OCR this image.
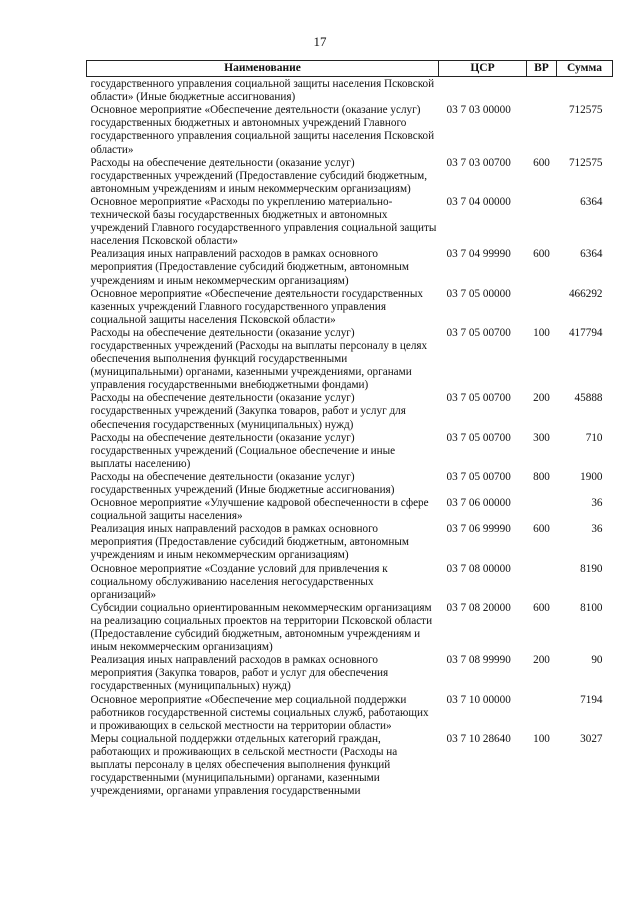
17
Наименование	ЦСР	ВР	Сумма
государственного управления социальной защиты населения Псковской области» (Иные бюджетные ассигнования)			
Основное мероприятие «Обеспечение деятельности (оказание услуг) государственных бюджетных и автономных учреждений Главного государственного управления социальной защиты населения Псковской области»	03 7 03 00000		712575
Расходы на обеспечение деятельности (оказание услуг) государственных учреждений (Предоставление субсидий бюджетным, автономным учреждениям и иным некоммерческим организациям)	03 7 03 00700	600	712575
Основное мероприятие «Расходы по укреплению материально-технической базы государственных бюджетных и автономных учреждений Главного государственного управления социальной защиты населения Псковской области»	03 7 04 00000		6364
Реализация иных направлений расходов в рамках основного мероприятия (Предоставление субсидий бюджетным, автономным учреждениям и иным некоммерческим организациям)	03 7 04 99990	600	6364
Основное мероприятие «Обеспечение деятельности государственных казенных учреждений Главного государственного управления социальной защиты населения Псковской области»	03 7 05 00000		466292
Расходы на обеспечение деятельности (оказание услуг) государственных учреждений (Расходы на выплаты персоналу в целях обеспечения выполнения функций государственными (муниципальными) органами, казенными учреждениями, органами управления государственными внебюджетными фондами)	03 7 05 00700	100	417794
Расходы на обеспечение деятельности (оказание услуг) государственных учреждений (Закупка товаров, работ и услуг для обеспечения государственных (муниципальных) нужд)	03 7 05 00700	200	45888
Расходы на обеспечение деятельности (оказание услуг) государственных учреждений (Социальное обеспечение и иные выплаты населению)	03 7 05 00700	300	710
Расходы на обеспечение деятельности (оказание услуг) государственных учреждений (Иные бюджетные ассигнования)	03 7 05 00700	800	1900
Основное мероприятие «Улучшение кадровой обеспеченности в сфере социальной защиты населения»	03 7 06 00000		36
Реализация иных направлений расходов в рамках основного мероприятия (Предоставление субсидий бюджетным, автономным учреждениям и иным некоммерческим организациям)	03 7 06 99990	600	36
Основное мероприятие «Создание условий для привлечения к социальному обслуживанию населения негосударственных организаций»	03 7 08 00000		8190
Субсидии социально ориентированным некоммерческим организациям на реализацию социальных проектов на территории Псковской области (Предоставление субсидий бюджетным, автономным учреждениям и иным некоммерческим организациям)	03 7 08 20000	600	8100
Реализация иных направлений расходов в рамках основного мероприятия (Закупка товаров, работ и услуг для обеспечения государственных (муниципальных) нужд)	03 7 08 99990	200	90
Основное мероприятие «Обеспечение мер социальной поддержки работников государственной системы социальных служб, работающих и проживающих в сельской местности на территории области»	03 7 10 00000		7194
Меры социальной поддержки отдельных категорий граждан, работающих и проживающих в сельской местности (Расходы на выплаты персоналу в целях обеспечения выполнения функций государственными (муниципальными) органами, казенными учреждениями, органами управления государственными	03 7 10 28640	100	3027
